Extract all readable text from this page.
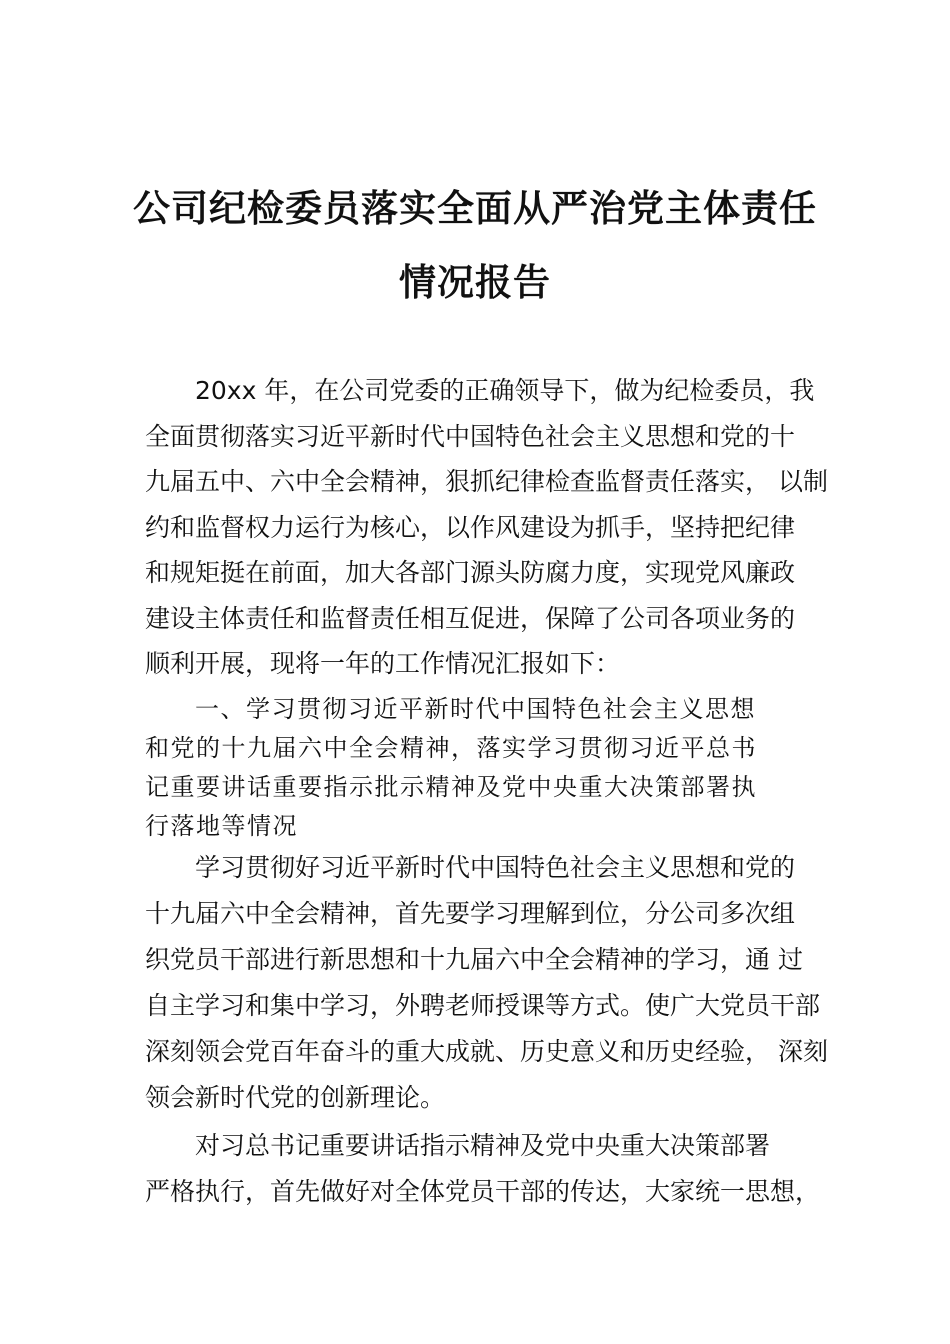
公司纪检委员落实全面从严治党主体责任
情况报告
20xx 年，在公司党委的正确领导下，做为纪检委员，我
全面贯彻落实习近平新时代中国特色社会主义思想和党的十
九届五中、六中全会精神，狠抓纪律检查监督责任落实， 以制
约和监督权力运行为核心，以作风建设为抓手，坚持把纪律
和规矩挺在前面，加大各部门源头防腐力度，实现党风廉政
建设主体责任和监督责任相互促进，保障了公司各项业务的
顺利开展，现将一年的工作情况汇报如下：
一、学习贯彻习近平新时代中国特色社会主义思想
和党的十九届六中全会精神，落实学习贯彻习近平总书
记重要讲话重要指示批示精神及党中央重大决策部署执
行落地等情况
学习贯彻好习近平新时代中国特色社会主义思想和党的
十九届六中全会精神，首先要学习理解到位，分公司多次组
织党员干部进行新思想和十九届六中全会精神的学习，通 过
自主学习和集中学习，外聘老师授课等方式。使广大党员干部
深刻领会党百年奋斗的重大成就、历史意义和历史经验， 深刻
领会新时代党的创新理论。
对习总书记重要讲话指示精神及党中央重大决策部署
严格执行，首先做好对全体党员干部的传达，大家统一思想，
